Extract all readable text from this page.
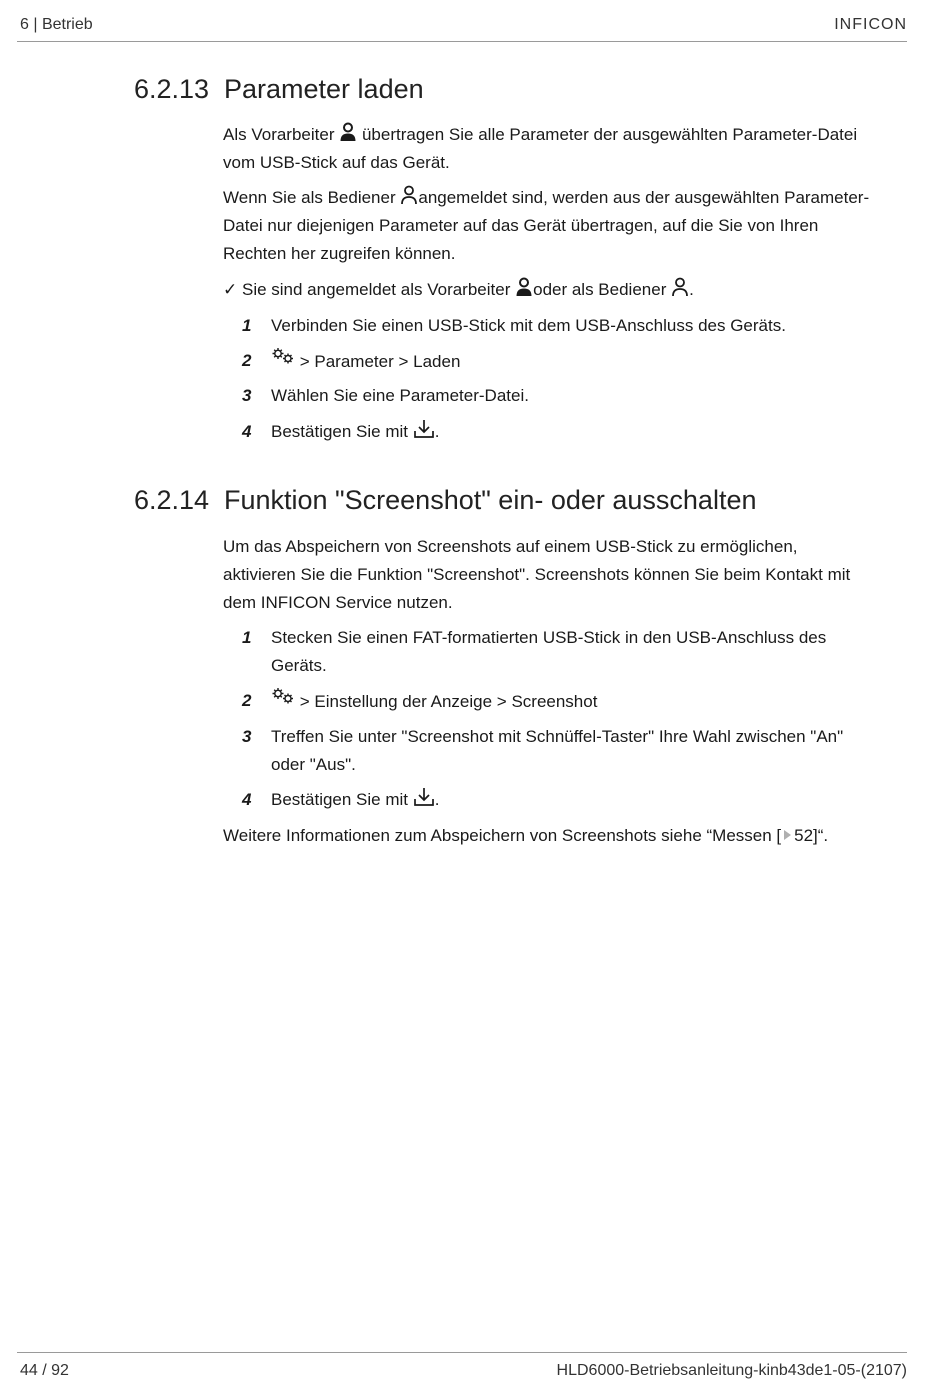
6 | Betrieb	INFICON
6.2.13 Parameter laden
Als Vorarbeiter übertragen Sie alle Parameter der ausgewählten Parameter-Datei
vom USB-Stick auf das Gerät.
Wenn Sie als Bediener angemeldet sind, werden aus der ausgewählten Parameter-
Datei nur diejenigen Parameter auf das Gerät übertragen, auf die Sie von Ihren
Rechten her zugreifen können.
✓ Sie sind angemeldet als Vorarbeiter oder als Bediener .
1	Verbinden Sie einen USB-Stick mit dem USB-Anschluss des Geräts.
2	> Parameter > Laden
3	Wählen Sie eine Parameter-Datei.
4	Bestätigen Sie mit .
6.2.14 Funktion "Screenshot" ein- oder ausschalten
Um das Abspeichern von Screenshots auf einem USB-Stick zu ermöglichen,
aktivieren Sie die Funktion "Screenshot". Screenshots können Sie beim Kontakt mit
dem INFICON Service nutzen.
1	Stecken Sie einen FAT-formatierten USB-Stick in den USB-Anschluss des
Geräts.
2	> Einstellung der Anzeige > Screenshot
3	Treffen Sie unter "Screenshot mit Schnüffel-Taster" Ihre Wahl zwischen "An"
oder "Aus".
4	Bestätigen Sie mit .
Weitere Informationen zum Abspeichern von Screenshots siehe “Messen [ 52]“.
44 / 92	HLD6000-Betriebsanleitung-kinb43de1-05-(2107)
